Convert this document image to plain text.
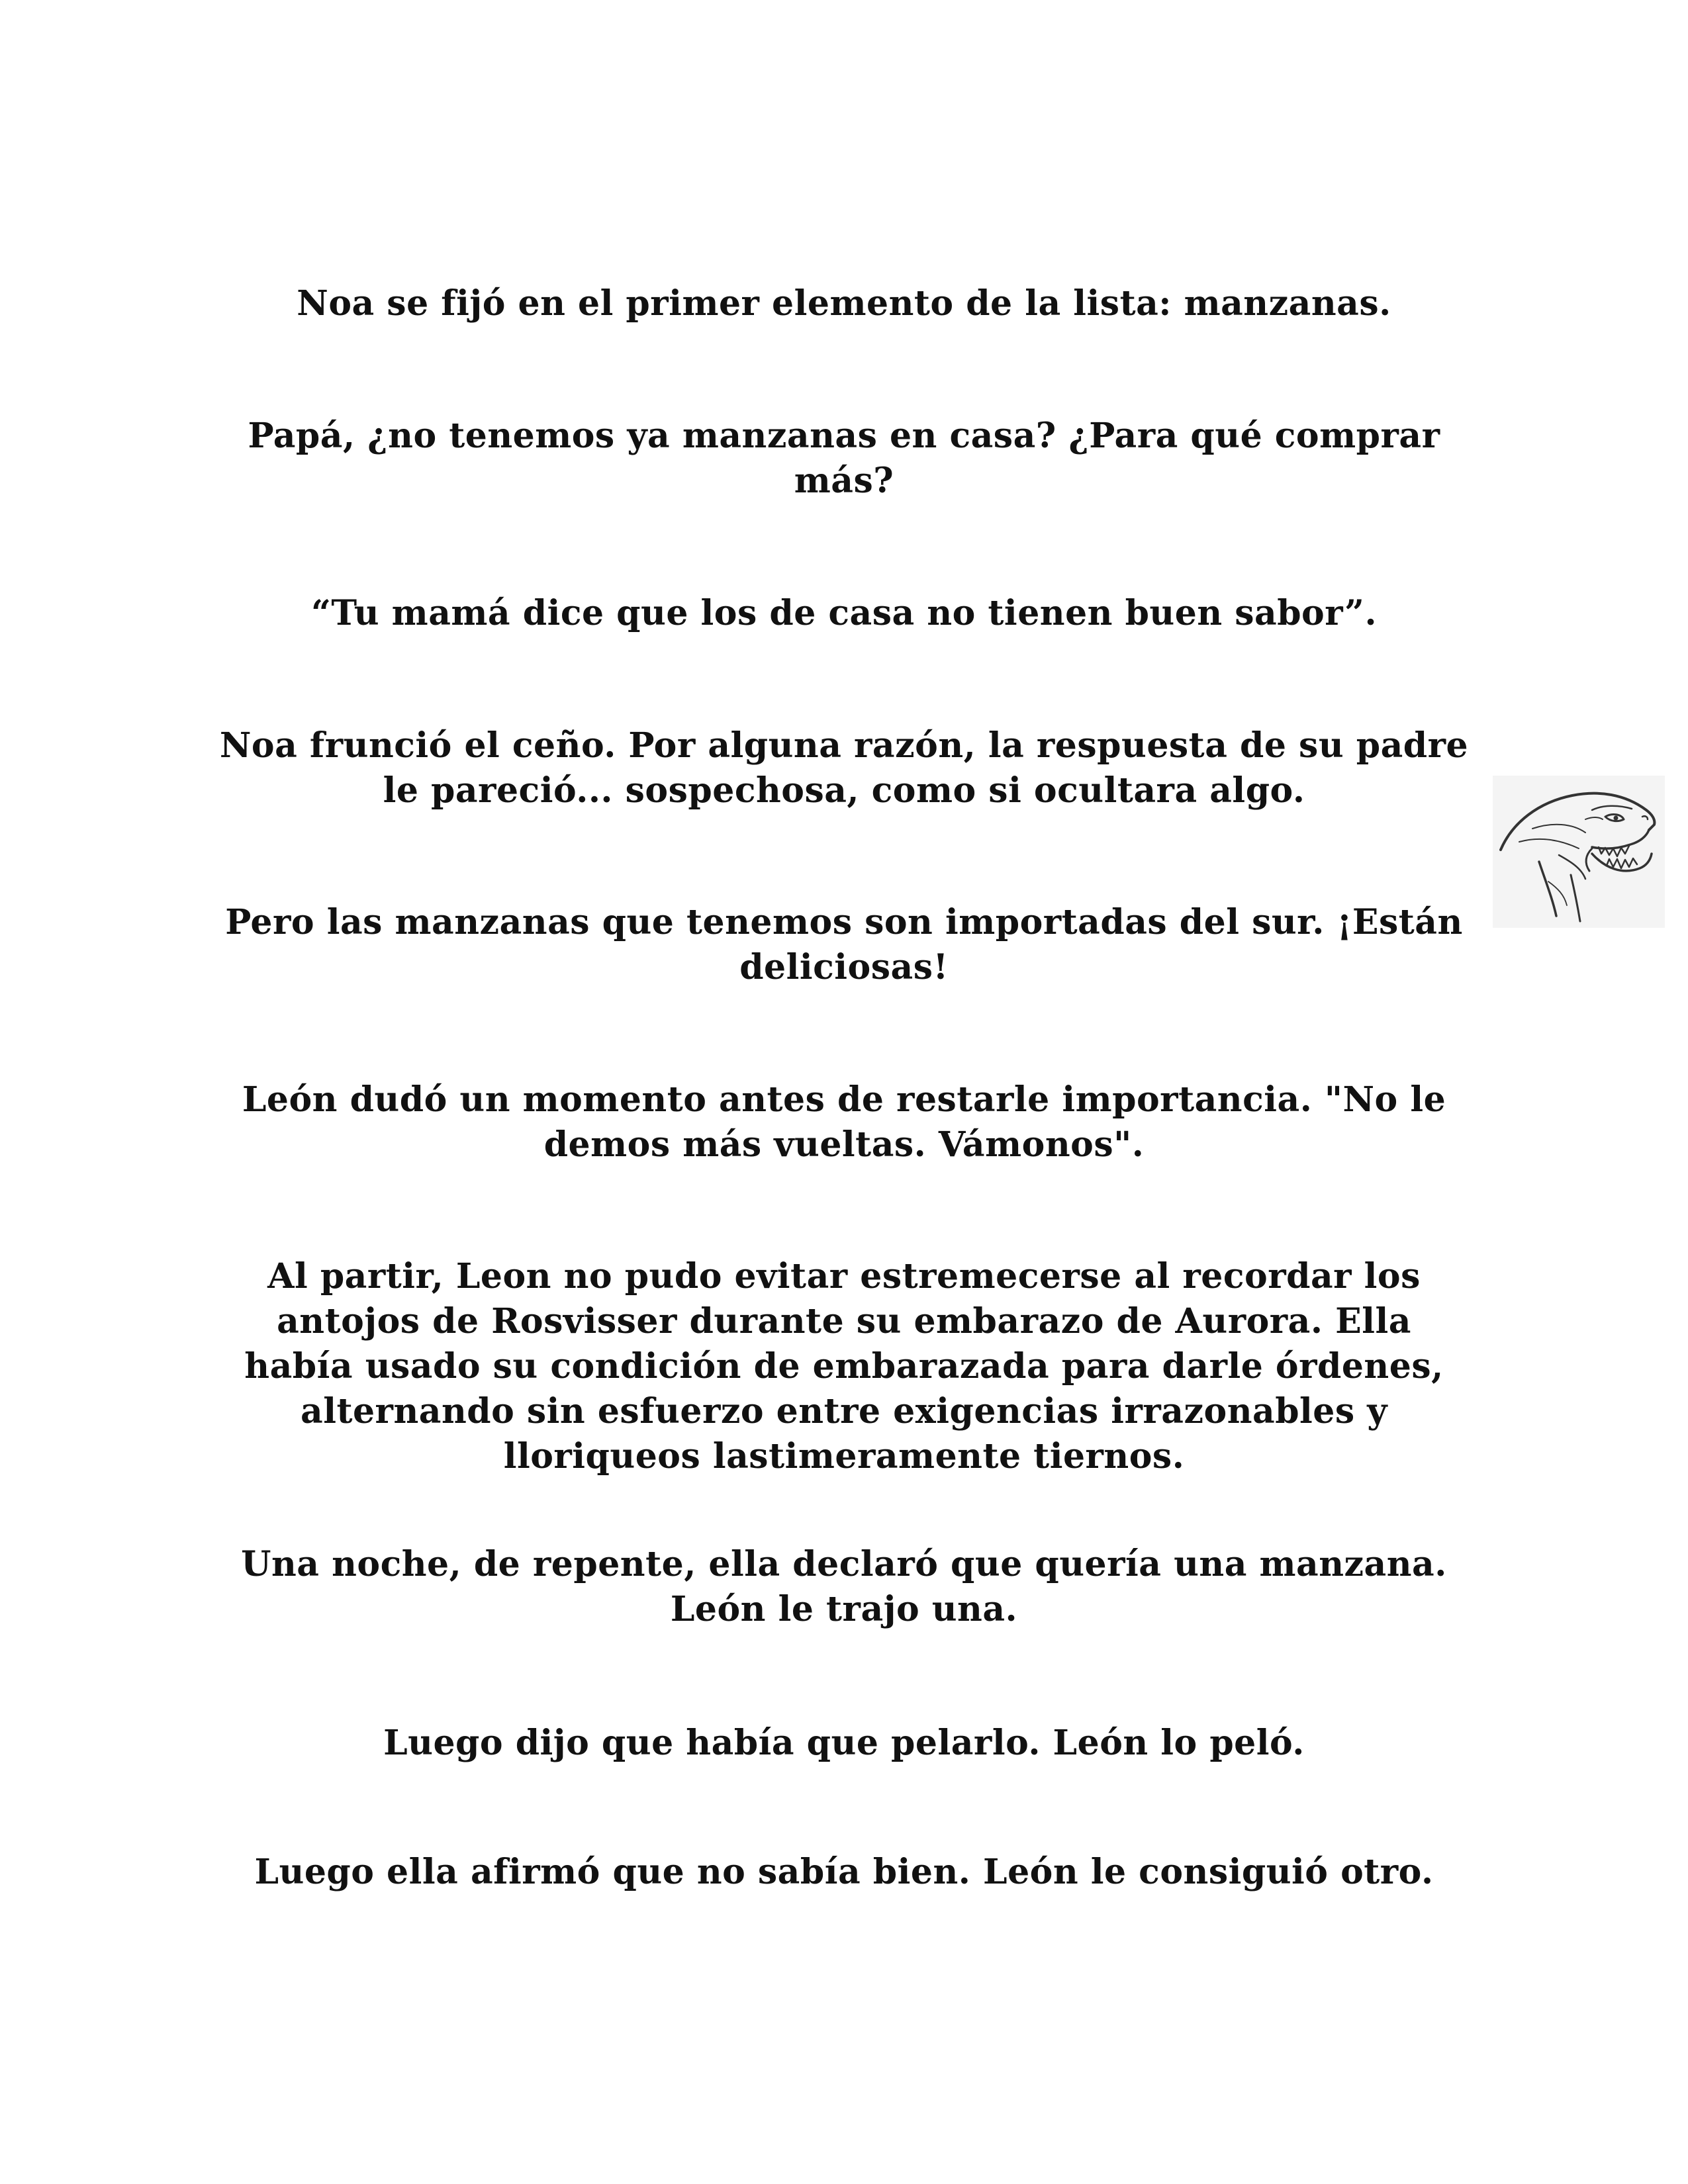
Noa se fijó en el primer elemento de la lista: manzanas.

Papá, ¿no tenemos ya manzanas en casa? ¿Para qué comprar más?

“Tu mamá dice que los de casa no tienen buen sabor”.

Noa frunció el ceño. Por alguna razón, la respuesta de su padre le pareció... sospechosa, como si ocultara algo.

Pero las manzanas que tenemos son importadas del sur. ¡Están deliciosas!

León dudó un momento antes de restarle importancia. "No le demos más vueltas. Vámonos".

Al partir, Leon no pudo evitar estremecerse al recordar los antojos de Rosvisser durante su embarazo de Aurora. Ella había usado su condición de embarazada para darle órdenes, alternando sin esfuerzo entre exigencias irrazonables y lloriqueos lastimeramente tiernos.

Una noche, de repente, ella declaró que quería una manzana. León le trajo una.

Luego dijo que había que pelarlo. León lo peló.

Luego ella afirmó que no sabía bien. León le consiguió otro.
